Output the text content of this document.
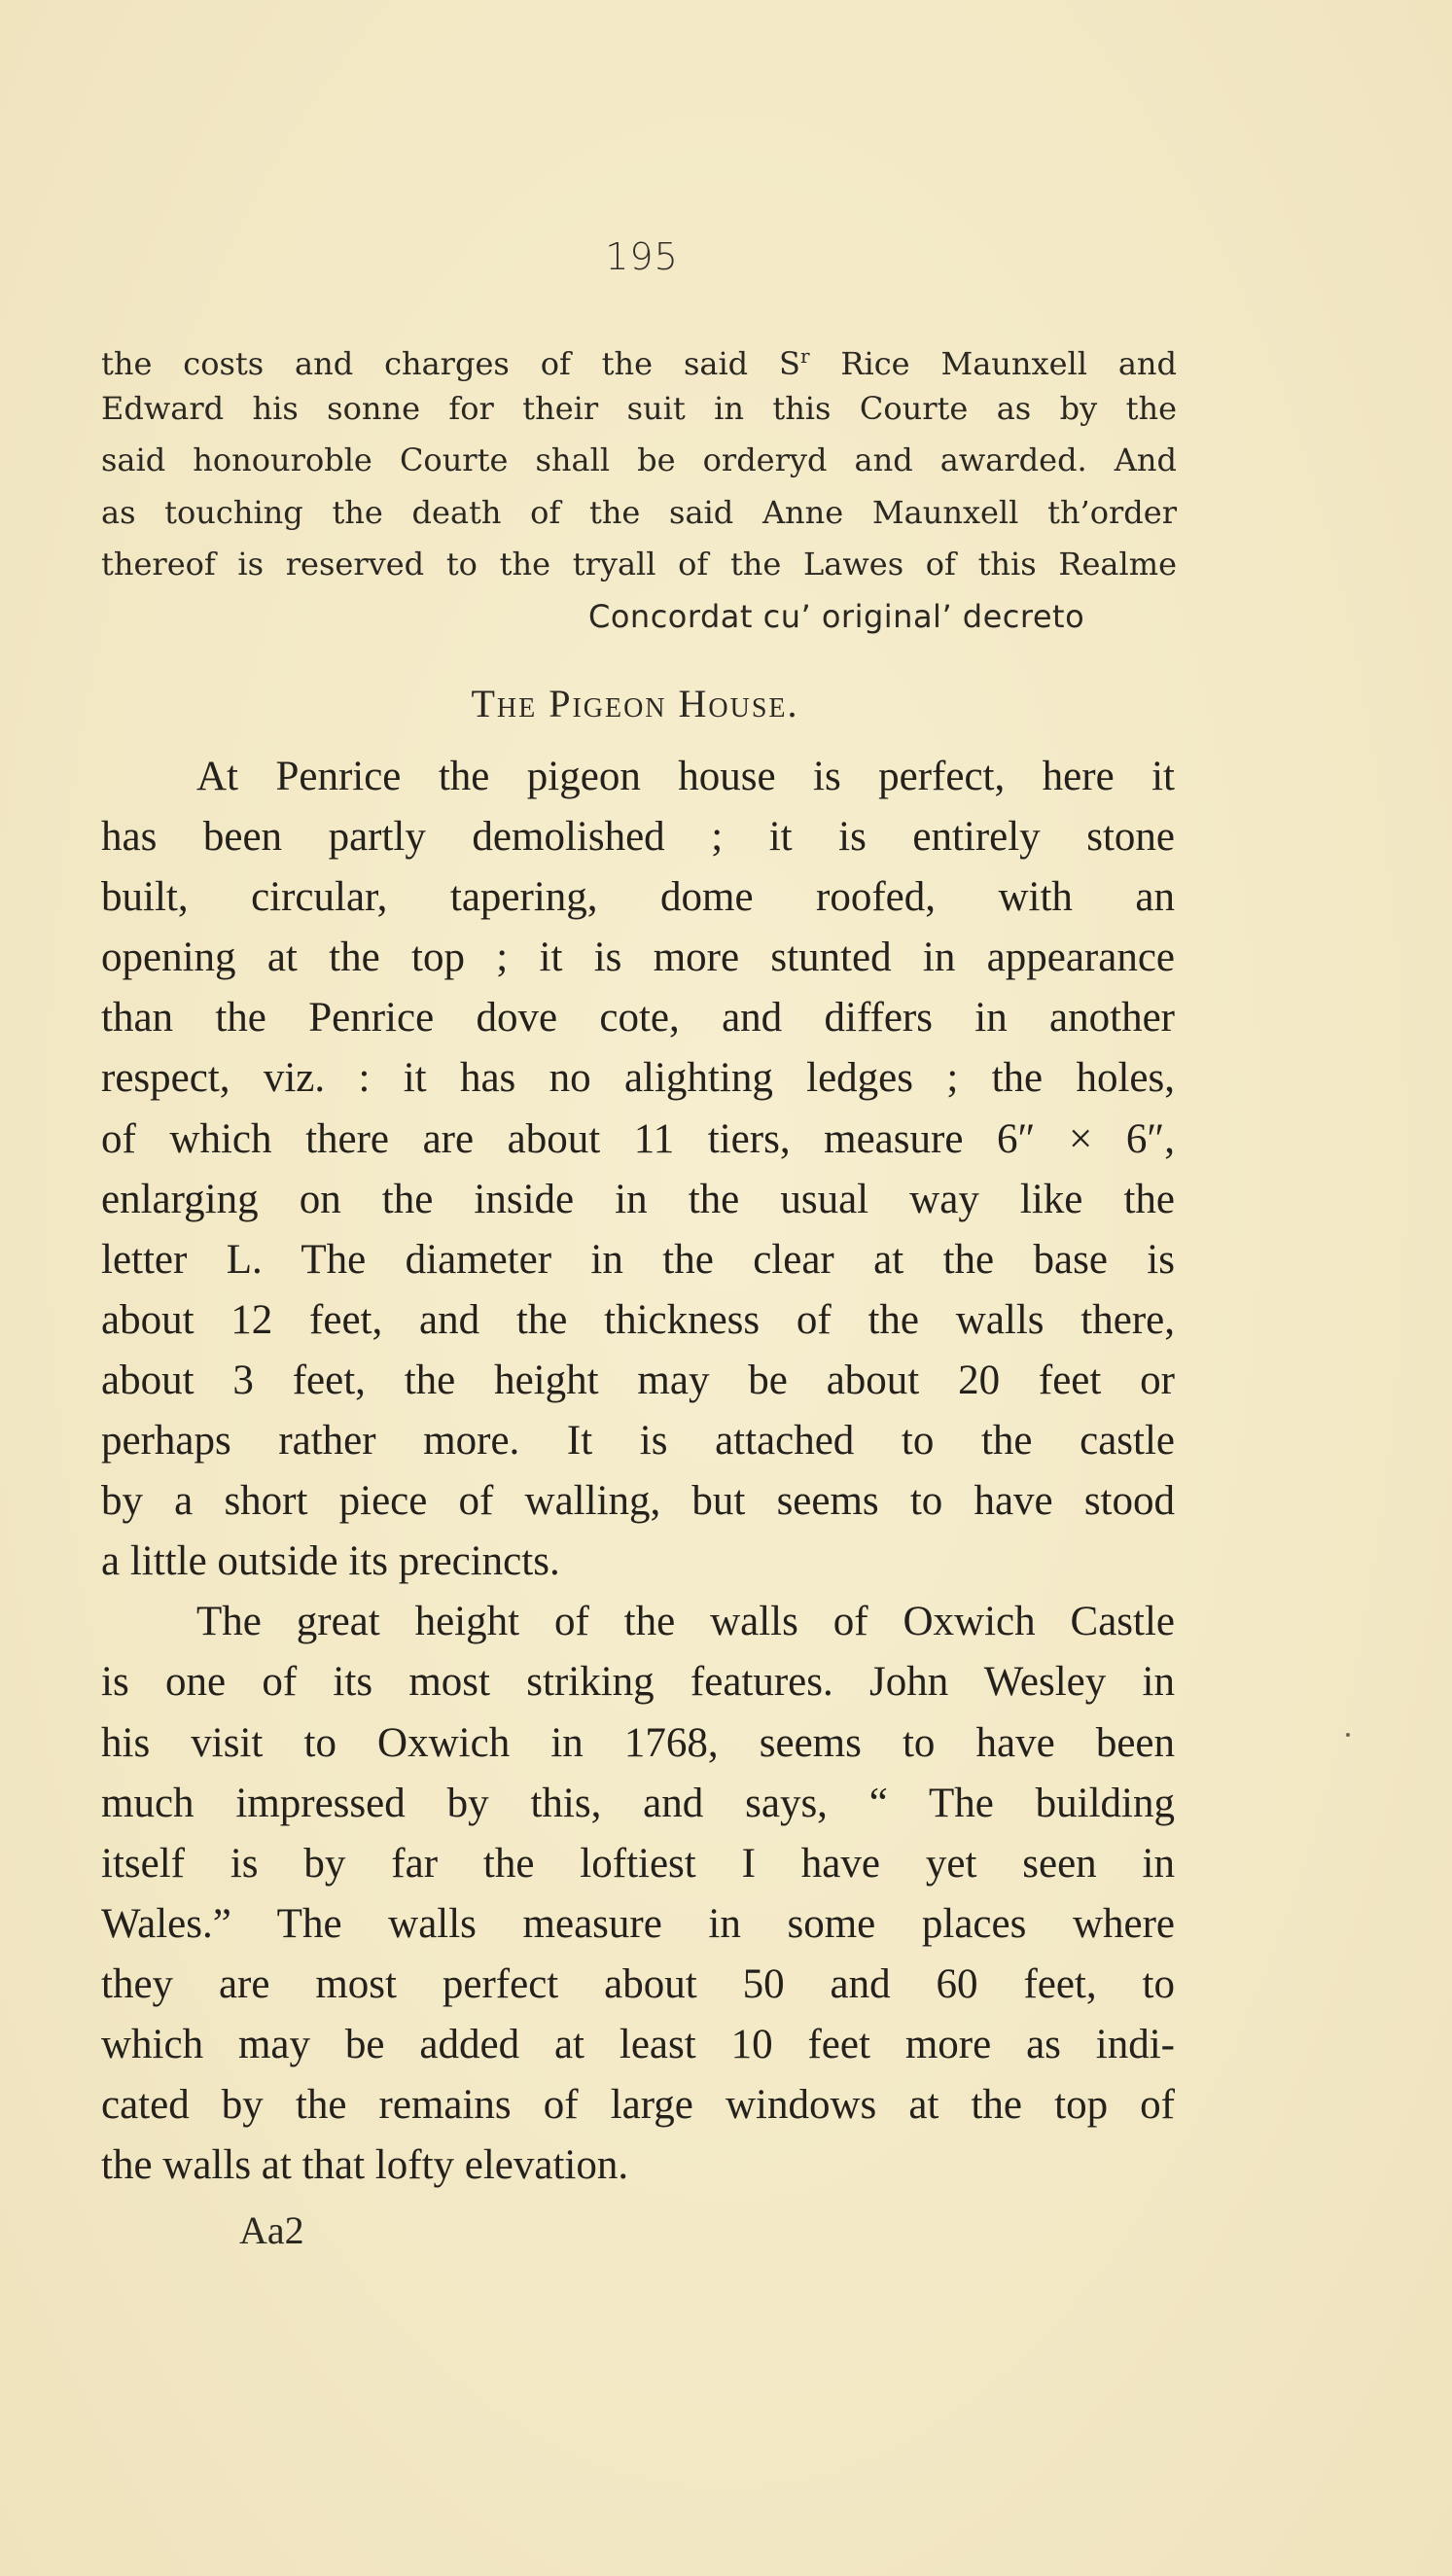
195
the costs and charges of the said $S^r$ Rice Maunxell and
Edward his sonne for their suit in this Courte as by the
said honouroble Courte shall be orderyd and awarded. And
as touching the death of the said Anne Maunxell th’order
thereof is reserved to the tryall of the Lawes of this Realme
Concordat cu’ original’ decreto
The Pigeon House.
At Penrice the pigeon house is perfect, here it
has been partly demolished ; it is entirely stone
built, circular, tapering, dome roofed, with an
opening at the top ; it is more stunted in appearance
than the Penrice dove cote, and differs in another
respect, viz. : it has no alighting ledges ; the holes,
of which there are about 11 tiers, measure 6″ × 6″,
enlarging on the inside in the usual way like the
letter L. The diameter in the clear at the base is
about 12 feet, and the thickness of the walls there,
about 3 feet, the height may be about 20 feet or
perhaps rather more. It is attached to the castle
by a short piece of walling, but seems to have stood
a little outside its precincts.
The great height of the walls of Oxwich Castle
is one of its most striking features. John Wesley in
his visit to Oxwich in 1768, seems to have been
much impressed by this, and says, “ The building
itself is by far the loftiest I have yet seen in
Wales.” The walls measure in some places where
they are most perfect about 50 and 60 feet, to
which may be added at least 10 feet more as indi-
cated by the remains of large windows at the top of
the walls at that lofty elevation.
Aa2
